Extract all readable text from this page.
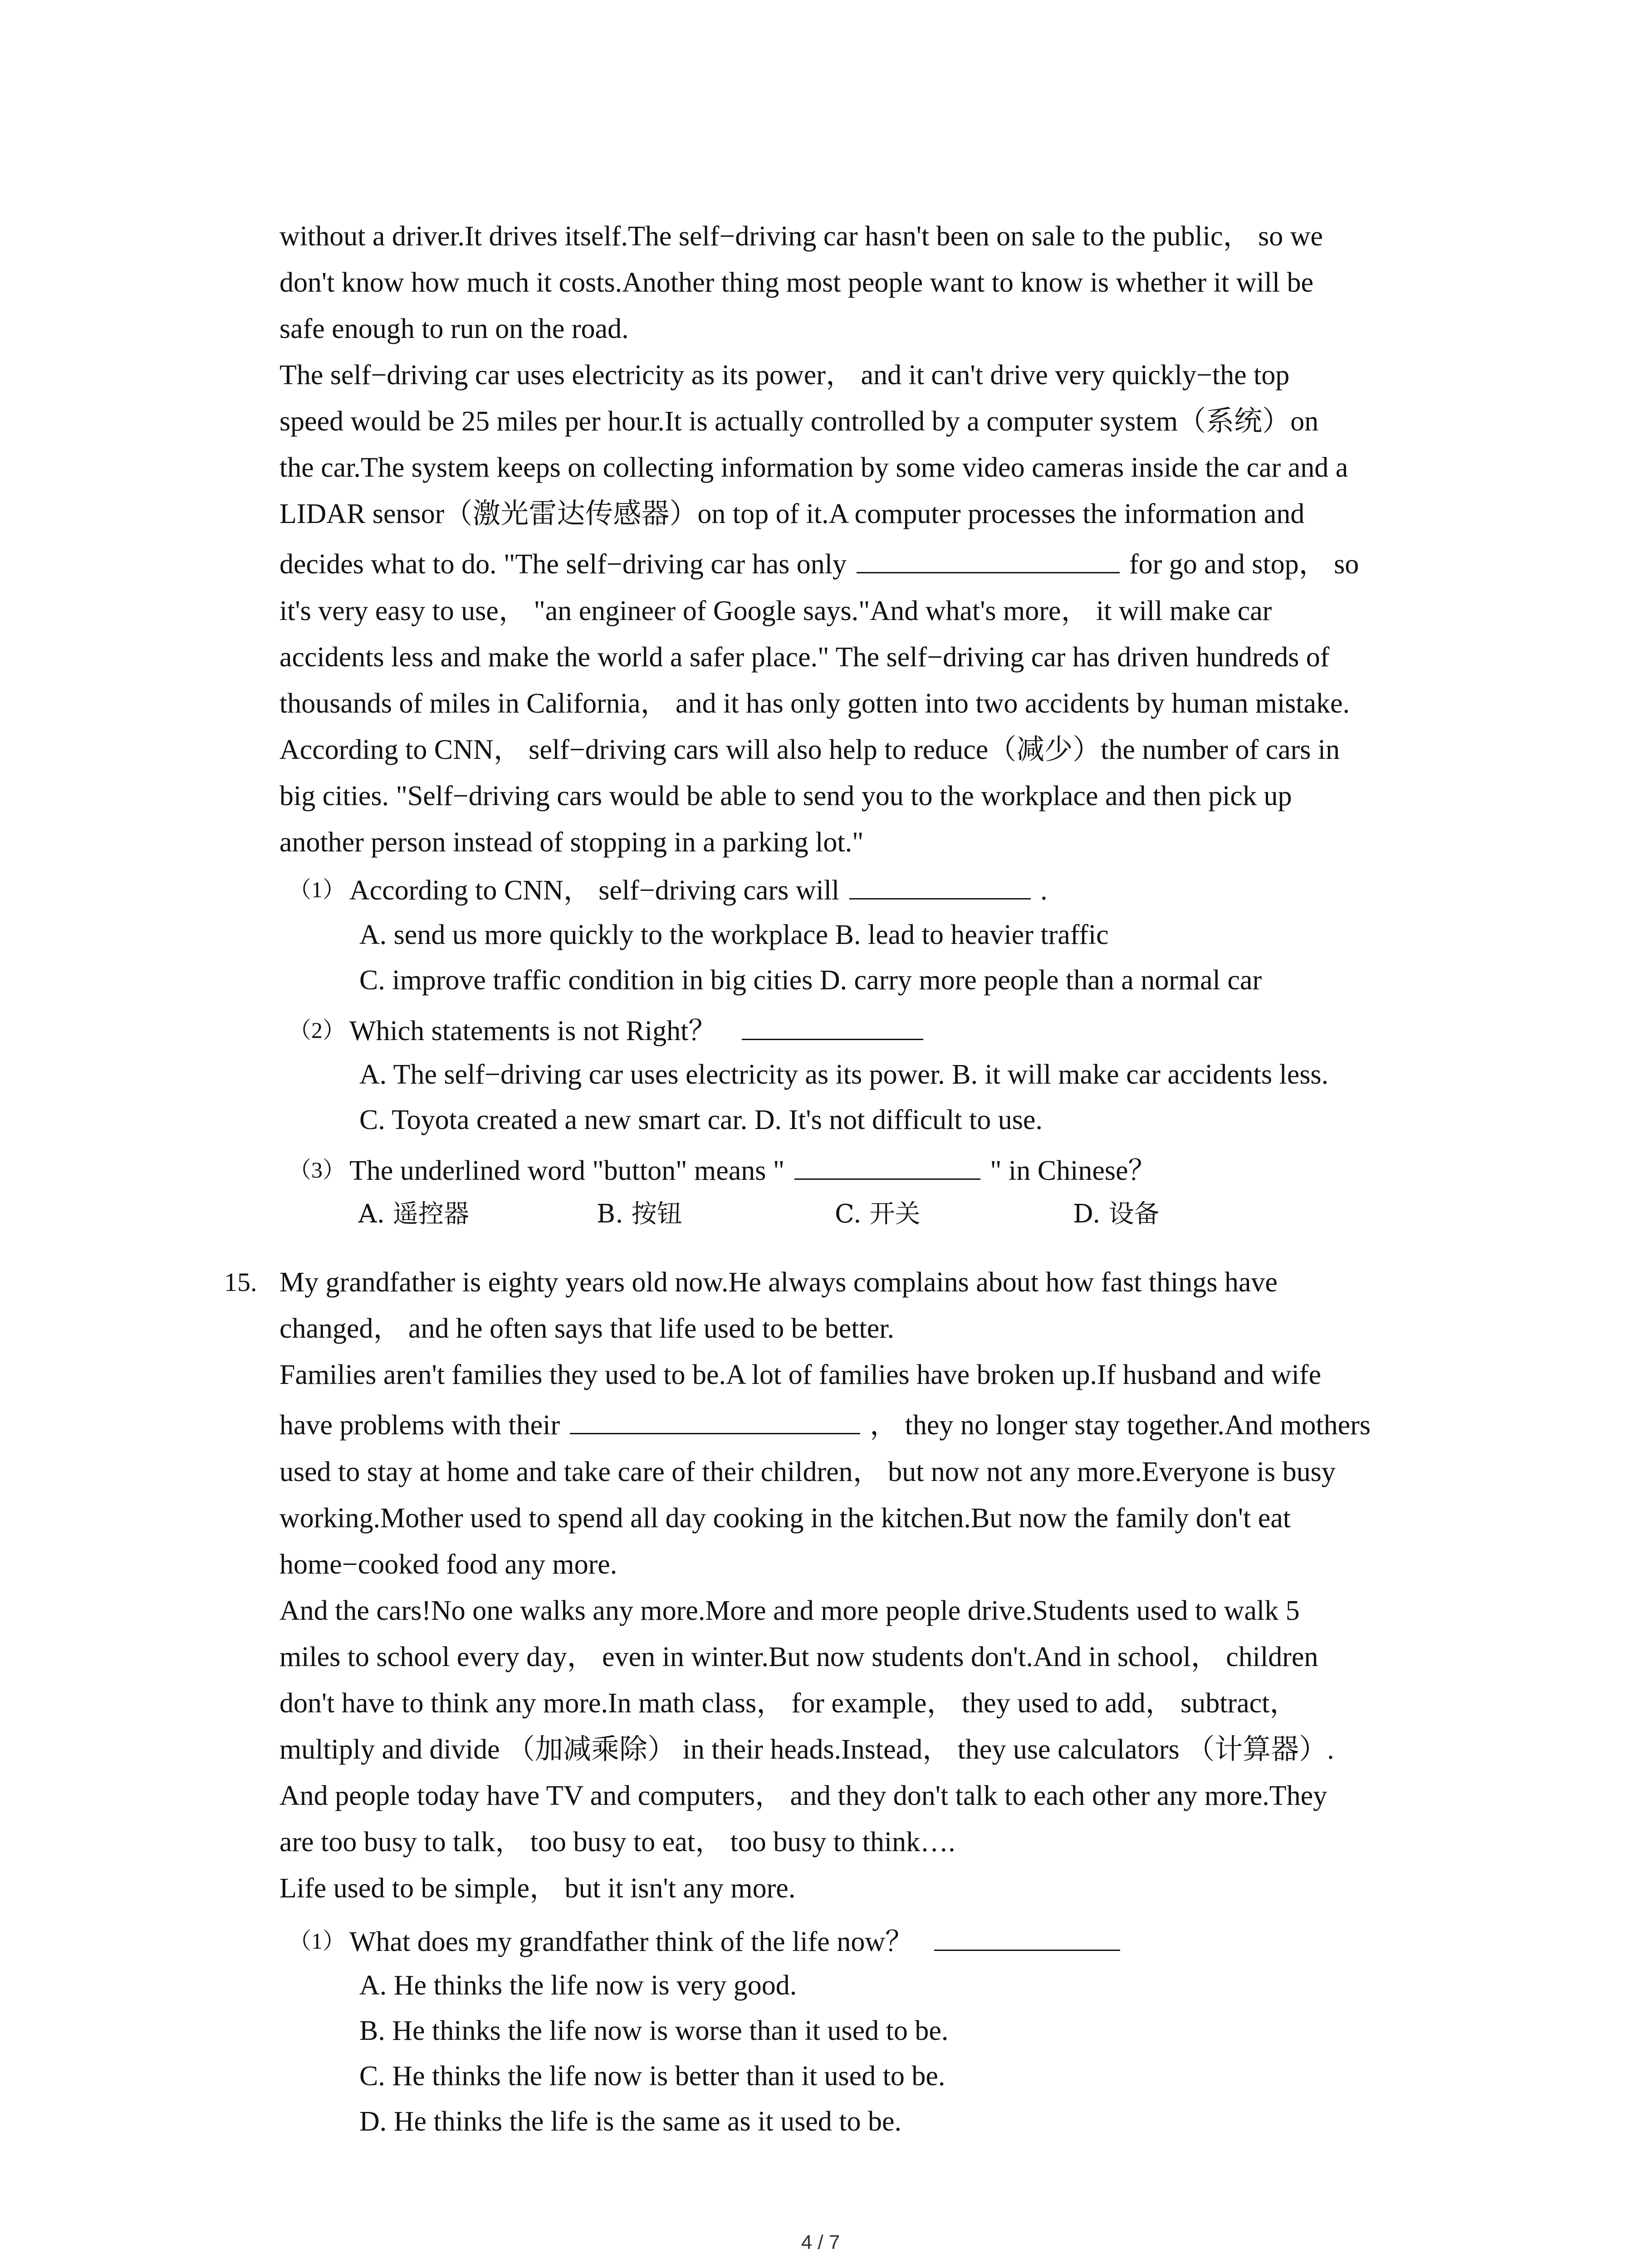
without a driver.It drives itself.The self−driving car hasn't been on sale to the public， so we
don't know how much it costs.Another thing most people want to know is whether it will be
safe enough to run on the road.
The self−driving car uses electricity as its power， and it can't drive very quickly−the top
speed would be 25 miles per hour.It is actually controlled by a computer system（系统）on
the car.The system keeps on collecting information by some video cameras inside the car and a
LIDAR sensor（激光雷达传感器）on top of it.A computer processes the information and
decides what to do. "The self−driving car has only	for go and stop， so
it's very easy to use， "an engineer of Google says."And what's more， it will make car
accidents less and make the world a safer place." The self−driving car has driven hundreds of
thousands of miles in California， and it has only gotten into two accidents by human mistake.
According to CNN， self−driving cars will also help to reduce（减少）the number of cars in
big cities. "Self−driving cars would be able to send you to the workplace and then pick up
another person instead of stopping in a parking lot."
（1） According to CNN， self−driving cars will	.
A. send us more quickly to the workplace B. lead to heavier traffic
C. improve traffic condition in big cities D. carry more people than a normal car
（2） Which statements is not Right？
A. The self−driving car uses electricity as its power. B. it will make car accidents less.
C. Toyota created a new smart car. D. It's not difficult to use.
（3） The underlined word "button" means "	" in Chinese？
A. 遥控器	B. 按钮	C. 开关	D. 设备
15. My grandfather is eighty years old now.He always complains about how fast things have
changed， and he often says that life used to be better.
Families aren't families they used to be.A lot of families have broken up.If husband and wife
have problems with their	， they no longer stay together.And mothers
used to stay at home and take care of their children， but now not any more.Everyone is busy
working.Mother used to spend all day cooking in the kitchen.But now the family don't eat
home−cooked food any more.
And the cars!No one walks any more.More and more people drive.Students used to walk 5
miles to school every day， even in winter.But now students don't.And in school， children
don't have to think any more.In math class， for example， they used to add， subtract，
multiply and divide （加减乘除） in their heads.Instead， they use calculators （计算器）.
And people today have TV and computers， and they don't talk to each other any more.They
are too busy to talk， too busy to eat， too busy to think….
Life used to be simple， but it isn't any more.
（1） What does my grandfather think of the life now？
A. He thinks the life now is very good.
B. He thinks the life now is worse than it used to be.
C. He thinks the life now is better than it used to be.
D. He thinks the life is the same as it used to be.
4 / 7
